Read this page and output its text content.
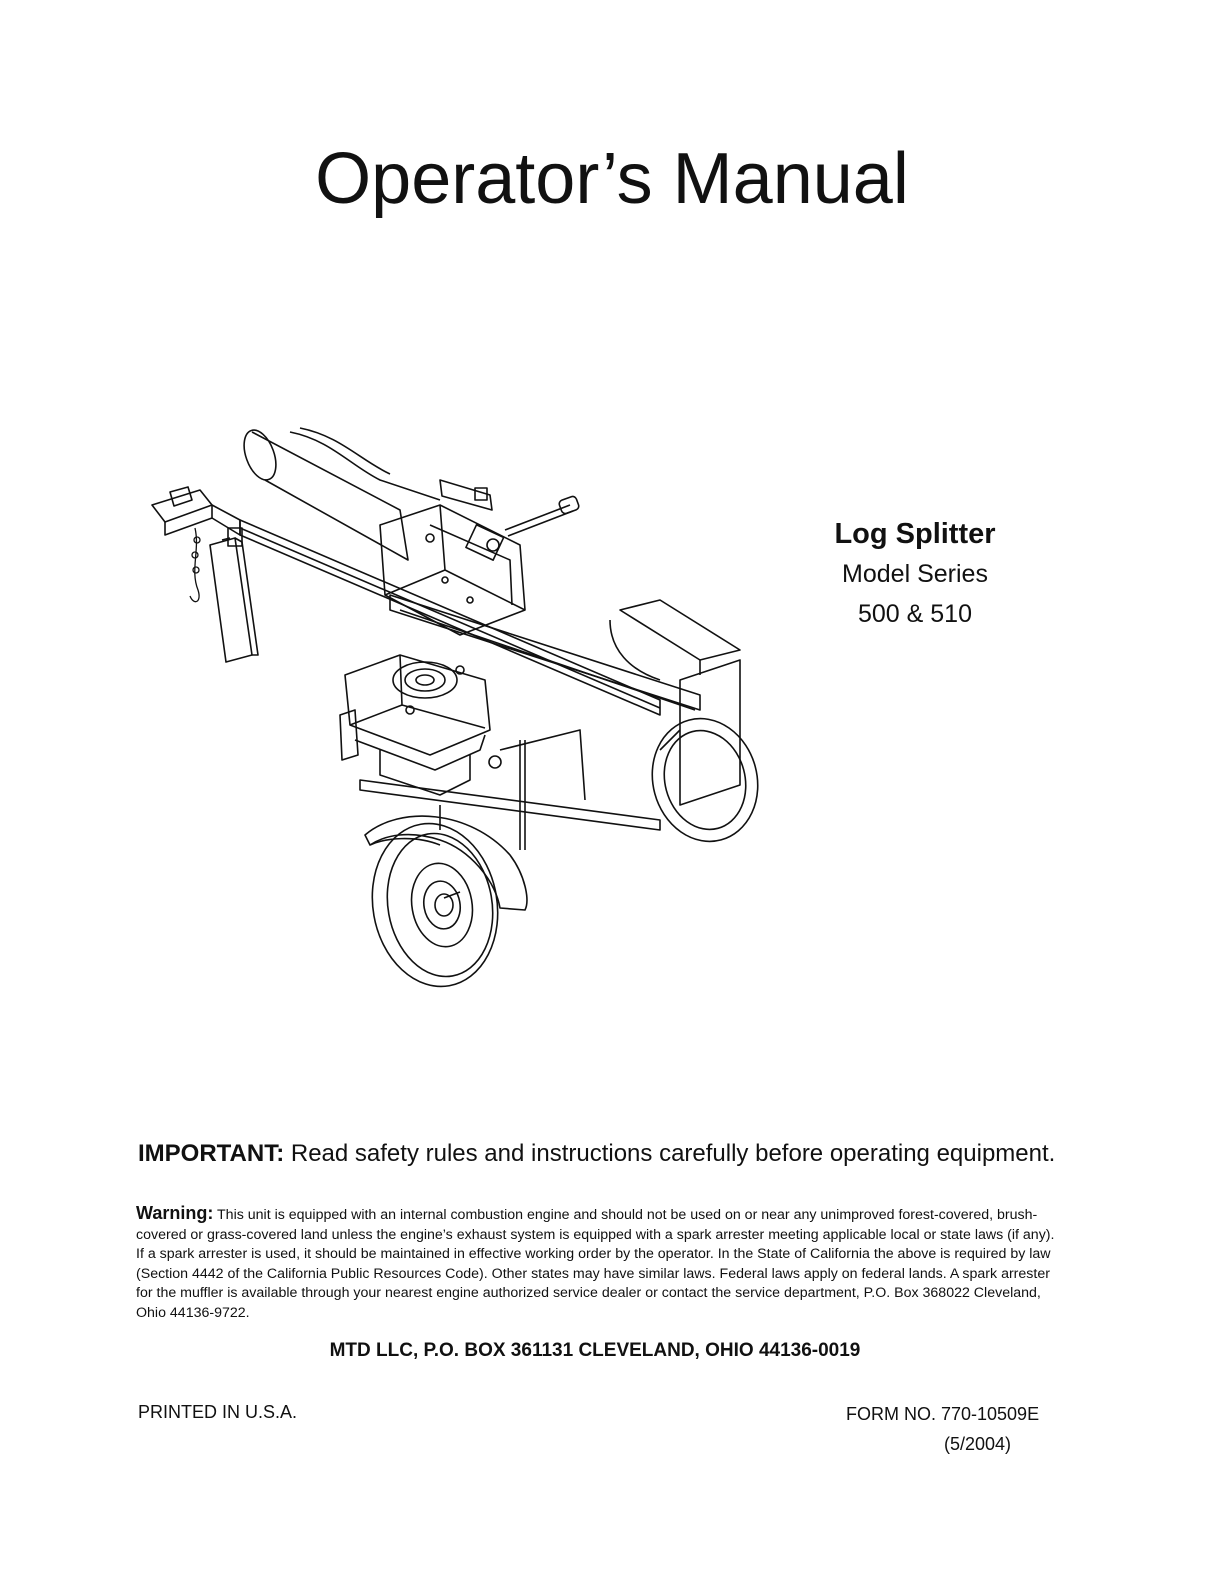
Operator’s Manual

Log Splitter

Model Series

500 & 510

IMPORTANT: Read safety rules and instructions carefully before operating equipment.
Warning: This unit is equipped with an internal combustion engine and should not be used on or near any unimproved forest-covered, brush-covered or grass-covered land unless the engine’s exhaust system is equipped with a spark arrester meeting applicable local or state laws (if any). If a spark arrester is used, it should be maintained in effective working order by the operator. In the State of California the above is required by law (Section 4442 of the California Public Resources Code). Other states may have similar laws. Federal laws apply on federal lands. A spark arrester for the muffler is available through your nearest engine authorized service dealer or contact the service department, P.O. Box 368022 Cleveland, Ohio 44136-9722.
MTD LLC, P.O. BOX 361131 CLEVELAND, OHIO 44136-0019
PRINTED IN U.S.A.	FORM NO. 770-10509E
(5/2004)
